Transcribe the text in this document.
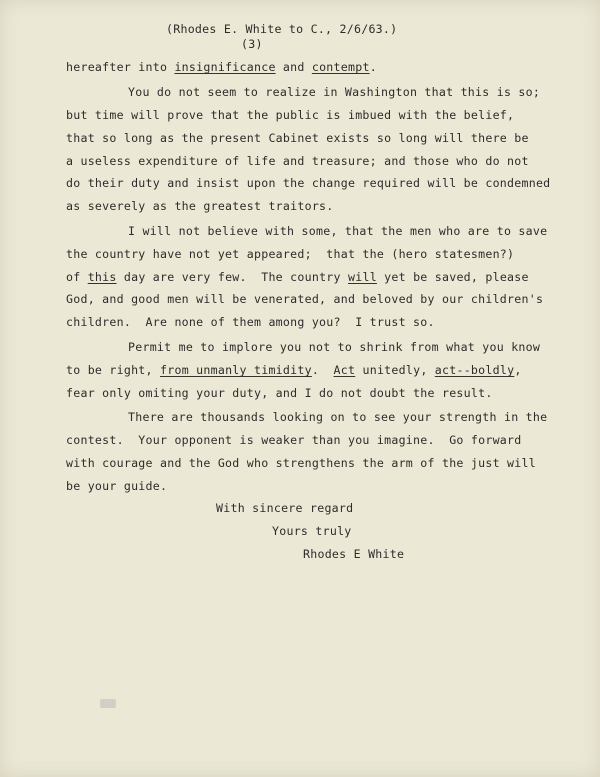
(Rhodes E. White to C., 2/6/63.)
(3)
hereafter into insignificance and contempt.
You do not seem to realize in Washington that this is so;
but time will prove that the public is imbued with the belief,
that so long as the present Cabinet exists so long will there be
a useless expenditure of life and treasure; and those who do not
do their duty and insist upon the change required will be condemned
as severely as the greatest traitors.
I will not believe with some, that the men who are to save
the country have not yet appeared;  that the (hero statesmen?)
of this day are very few.  The country will yet be saved, please
God, and good men will be venerated, and beloved by our children's
children.  Are none of them among you?  I trust so.
Permit me to implore you not to shrink from what you know
to be right, from unmanly timidity.  Act unitedly, act--boldly,
fear only omiting your duty, and I do not doubt the result.
There are thousands looking on to see your strength in the
contest.  Your opponent is weaker than you imagine.  Go forward
with courage and the God who strengthens the arm of the just will
be your guide.
With sincere regard
Yours truly
Rhodes E White
